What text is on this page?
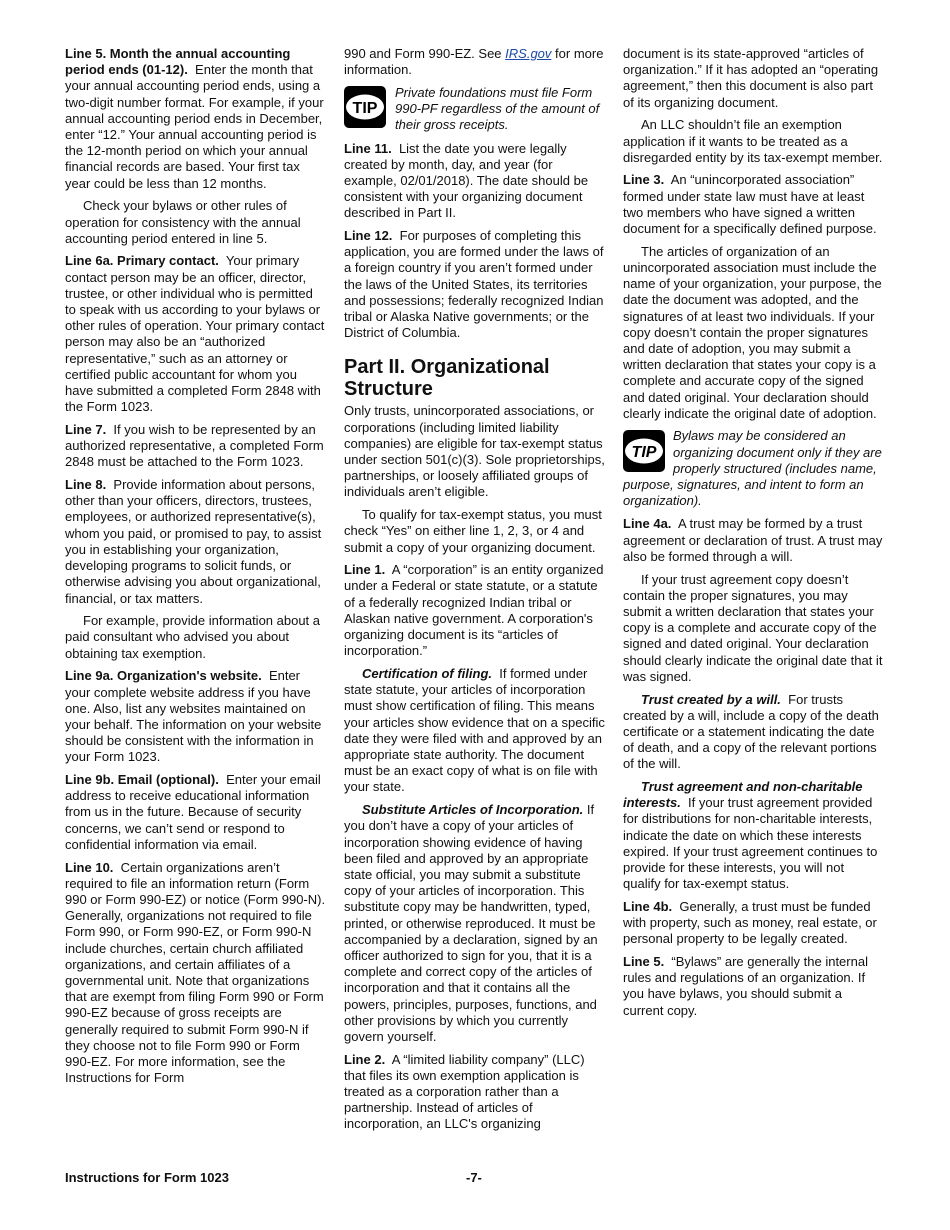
Line 5. Month the annual accounting period ends (01-12). Enter the month that your annual accounting period ends, using a two-digit number format. For example, if your annual accounting period ends in December, enter “12.” Your annual accounting period is the 12-month period on which your annual financial records are based. Your first tax year could be less than 12 months.

Check your bylaws or other rules of operation for consistency with the annual accounting period entered in line 5.

Line 6a. Primary contact. Your primary contact person may be an officer, director, trustee, or other individual who is permitted to speak with us according to your bylaws or other rules of operation. Your primary contact person may also be an “authorized representative,” such as an attorney or certified public accountant for whom you have submitted a completed Form 2848 with the Form 1023.

Line 7. If you wish to be represented by an authorized representative, a completed Form 2848 must be attached to the Form 1023.

Line 8. Provide information about persons, other than your officers, directors, trustees, employees, or authorized representative(s), whom you paid, or promised to pay, to assist you in establishing your organization, developing programs to solicit funds, or otherwise advising you about organizational, financial, or tax matters.

For example, provide information about a paid consultant who advised you about obtaining tax exemption.

Line 9a. Organization's website. Enter your complete website address if you have one. Also, list any websites maintained on your behalf. The information on your website should be consistent with the information in your Form 1023.

Line 9b. Email (optional). Enter your email address to receive educational information from us in the future. Because of security concerns, we can’t send or respond to confidential information via email.

Line 10. Certain organizations aren’t required to file an information return (Form 990 or Form 990-EZ) or notice (Form 990-N). Generally, organizations not required to file Form 990, or Form 990-EZ, or Form 990-N include churches, certain church affiliated organizations, and certain affiliates of a governmental unit. Note that organizations that are exempt from filing Form 990 or Form 990-EZ because of gross receipts are generally required to submit Form 990-N if they choose not to file Form 990 or Form 990-EZ. For more information, see the Instructions for Form

990 and Form 990-EZ. See IRS.gov for more information.

TIP
Private foundations must file Form 990-PF regardless of the amount of their gross receipts.

Line 11. List the date you were legally created by month, day, and year (for example, 02/01/2018). The date should be consistent with your organizing document described in Part II.

Line 12. For purposes of completing this application, you are formed under the laws of a foreign country if you aren’t formed under the laws of the United States, its territories and possessions; federally recognized Indian tribal or Alaska Native governments; or the District of Columbia.

Part II. Organizational Structure

Only trusts, unincorporated associations, or corporations (including limited liability companies) are eligible for tax-exempt status under section 501(c)(3). Sole proprietorships, partnerships, or loosely affiliated groups of individuals aren’t eligible.

To qualify for tax-exempt status, you must check “Yes” on either line 1, 2, 3, or 4 and submit a copy of your organizing document.

Line 1. A “corporation” is an entity organized under a Federal or state statute, or a statute of a federally recognized Indian tribal or Alaskan native government. A corporation's organizing document is its “articles of incorporation.”

Certification of filing. If formed under state statute, your articles of incorporation must show certification of filing. This means your articles show evidence that on a specific date they were filed with and approved by an appropriate state authority. The document must be an exact copy of what is on file with your state.

Substitute Articles of Incorporation. If you don’t have a copy of your articles of incorporation showing evidence of having been filed and approved by an appropriate state official, you may submit a substitute copy of your articles of incorporation. This substitute copy may be handwritten, typed, printed, or otherwise reproduced. It must be accompanied by a declaration, signed by an officer authorized to sign for you, that it is a complete and correct copy of the articles of incorporation and that it contains all the powers, principles, purposes, functions, and other provisions by which you currently govern yourself.

Line 2. A “limited liability company” (LLC) that files its own exemption application is treated as a corporation rather than a partnership. Instead of articles of incorporation, an LLC's organizing

document is its state-approved “articles of organization.” If it has adopted an “operating agreement,” then this document is also part of its organizing document.

An LLC shouldn’t file an exemption application if it wants to be treated as a disregarded entity by its tax-exempt member.

Line 3. An “unincorporated association” formed under state law must have at least two members who have signed a written document for a specifically defined purpose.

The articles of organization of an unincorporated association must include the name of your organization, your purpose, the date the document was adopted, and the signatures of at least two individuals. If your copy doesn’t contain the proper signatures and date of adoption, you may submit a written declaration that states your copy is a complete and accurate copy of the signed and dated original. Your declaration should clearly indicate the original date of adoption.

TIP
Bylaws may be considered an organizing document only if they are properly structured (includes name, purpose, signatures, and intent to form an organization).

Line 4a. A trust may be formed by a trust agreement or declaration of trust. A trust may also be formed through a will.

If your trust agreement copy doesn’t contain the proper signatures, you may submit a written declaration that states your copy is a complete and accurate copy of the signed and dated original. Your declaration should clearly indicate the original date that it was signed.

Trust created by a will. For trusts created by a will, include a copy of the death certificate or a statement indicating the date of death, and a copy of the relevant portions of the will.

Trust agreement and non-charitable interests. If your trust agreement provided for distributions for non-charitable interests, indicate the date on which these interests expired. If your trust agreement continues to provide for these interests, you will not qualify for tax-exempt status.

Line 4b. Generally, a trust must be funded with property, such as money, real estate, or personal property to be legally created.

Line 5. “Bylaws” are generally the internal rules and regulations of an organization. If you have bylaws, you should submit a current copy.

Instructions for Form 1023	-7-
